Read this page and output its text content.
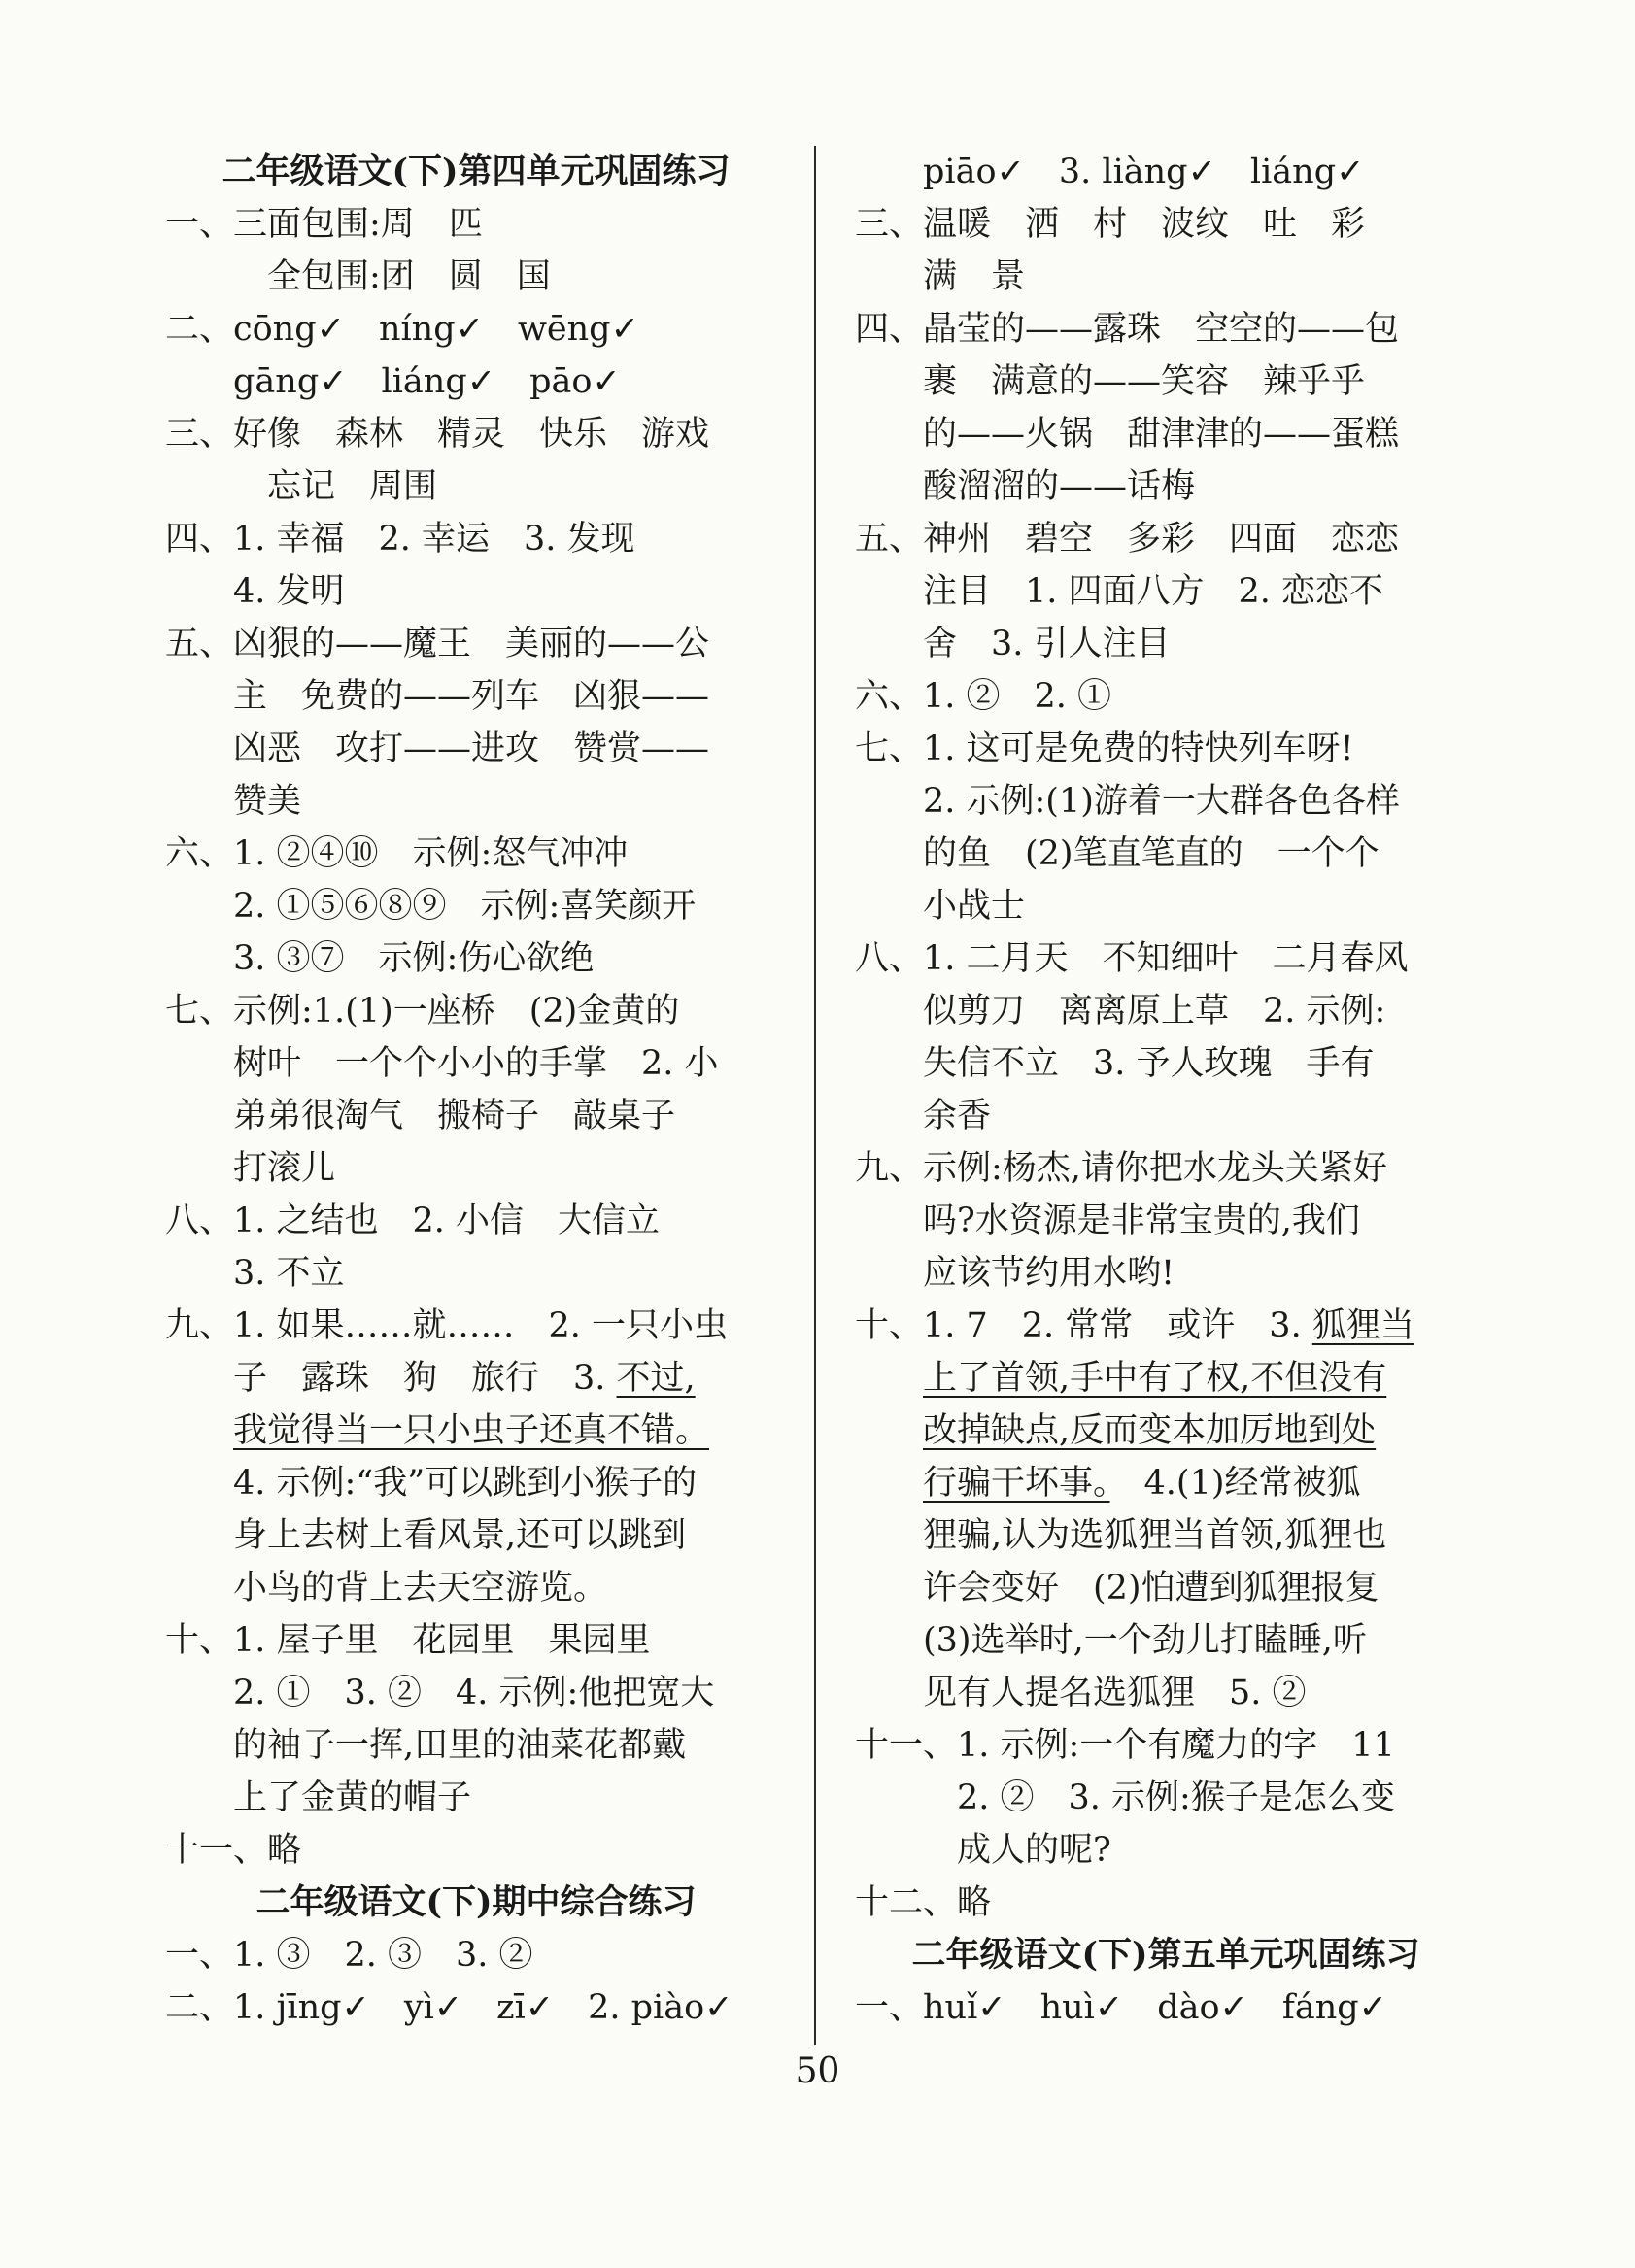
二年级语文(下)第四单元巩固练习
一、三面包围:周　匹
全包围:团　圆　国
二、cōng✓　níng✓　wēng✓
gāng✓　liáng✓　pāo✓
三、好像　森林　精灵　快乐　游戏
忘记　周围
四、1. 幸福　2. 幸运　3. 发现
4. 发明
五、凶狠的——魔王　美丽的——公
主　免费的——列车　凶狠——
凶恶　攻打——进攻　赞赏——
赞美
六、1. ②④⑩　示例:怒气冲冲
2. ①⑤⑥⑧⑨　示例:喜笑颜开
3. ③⑦　示例:伤心欲绝
七、示例:1.(1)一座桥　(2)金黄的
树叶　一个个小小的手掌　2. 小
弟弟很淘气　搬椅子　敲桌子
打滚儿
八、1. 之结也　2. 小信　大信立
3. 不立
九、1. 如果……就……　2. 一只小虫
子　露珠　狗　旅行　3. 不过,
我觉得当一只小虫子还真不错。
4. 示例:“我”可以跳到小猴子的
身上去树上看风景,还可以跳到
小鸟的背上去天空游览。
十、1. 屋子里　花园里　果园里
2. ①　3. ②　4. 示例:他把宽大
的袖子一挥,田里的油菜花都戴
上了金黄的帽子
十一、略
二年级语文(下)期中综合练习
一、1. ③　2. ③　3. ②
二、1. jīng✓　yì✓　zī✓　2. piào✓
piāo✓　3. liàng✓　liáng✓
三、温暖　洒　村　波纹　吐　彩
满　景
四、晶莹的——露珠　空空的——包
裹　满意的——笑容　辣乎乎
的——火锅　甜津津的——蛋糕
酸溜溜的——话梅
五、神州　碧空　多彩　四面　恋恋
注目　1. 四面八方　2. 恋恋不
舍　3. 引人注目
六、1. ②　2. ①
七、1. 这可是免费的特快列车呀!
2. 示例:(1)游着一大群各色各样
的鱼　(2)笔直笔直的　一个个
小战士
八、1. 二月天　不知细叶　二月春风
似剪刀　离离原上草　2. 示例:
失信不立　3. 予人玫瑰　手有
余香
九、示例:杨杰,请你把水龙头关紧好
吗?水资源是非常宝贵的,我们
应该节约用水哟!
十、1. 7　2. 常常　或许　3. 狐狸当
上了首领,手中有了权,不但没有
改掉缺点,反而变本加厉地到处
行骗干坏事。　4.(1)经常被狐
狸骗,认为选狐狸当首领,狐狸也
许会变好　(2)怕遭到狐狸报复
(3)选举时,一个劲儿打瞌睡,听
见有人提名选狐狸　5. ②
十一、1. 示例:一个有魔力的字　11
2. ②　3. 示例:猴子是怎么变
成人的呢?
十二、略
二年级语文(下)第五单元巩固练习
一、huǐ✓　huì✓　dào✓　fáng✓
50
